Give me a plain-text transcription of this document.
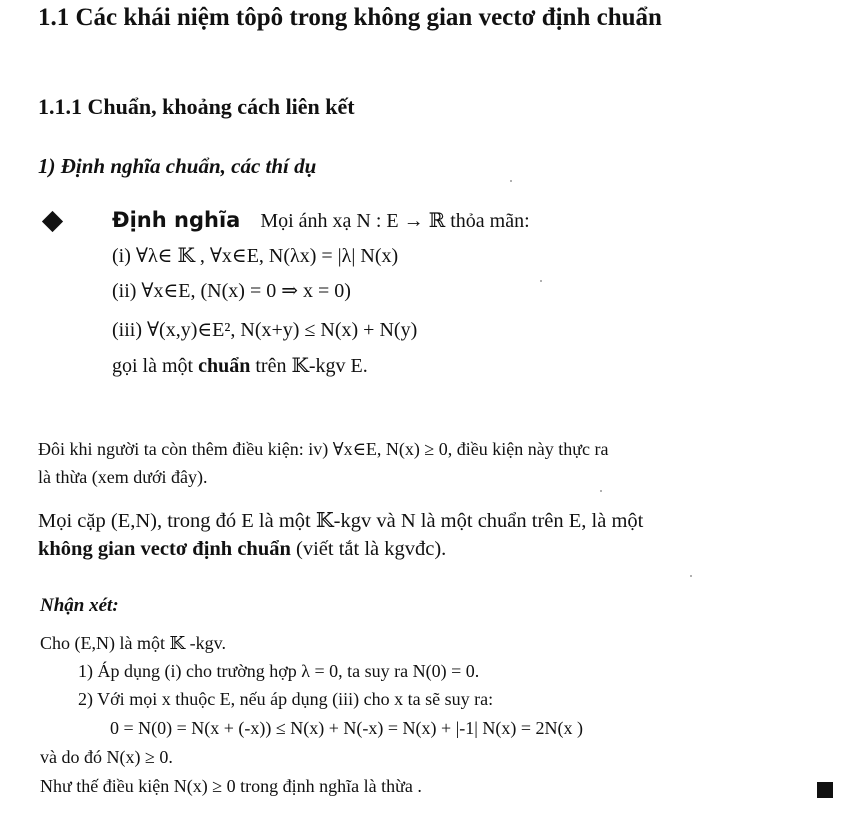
1.1 Các khái niệm tôpô trong không gian vectơ định chuẩn
1.1.1 Chuẩn, khoảng cách liên kết
1) Định nghĩa chuẩn, các thí dụ
Định nghĩa Mọi ánh xạ N : E → ℝ thỏa mãn:
(i) ∀λ∈ 𝕂 , ∀x∈E, N(λx) = |λ| N(x)
(ii) ∀x∈E, (N(x) = 0 ⇒ x = 0)
(iii) ∀(x,y)∈E², N(x+y) ≤ N(x) + N(y)
gọi là một chuẩn trên 𝕂-kgv E.
Đôi khi người ta còn thêm điều kiện: iv) ∀x∈E, N(x) ≥ 0, điều kiện này thực ra
là thừa (xem dưới đây).
Mọi cặp (E,N), trong đó E là một 𝕂-kgv và N là một chuẩn trên E, là một
không gian vectơ định chuẩn (viết tắt là kgvđc).
Nhận xét:
Cho (E,N) là một 𝕂 -kgv.
1) Áp dụng (i) cho trường hợp λ = 0, ta suy ra N(0) = 0.
2) Với mọi x thuộc E, nếu áp dụng (iii) cho x ta sẽ suy ra:
0 = N(0) = N(x + (-x)) ≤ N(x) + N(-x) = N(x) + |-1| N(x) = 2N(x )
và do đó N(x) ≥ 0.
Như thế điều kiện N(x) ≥ 0 trong định nghĩa là thừa .
